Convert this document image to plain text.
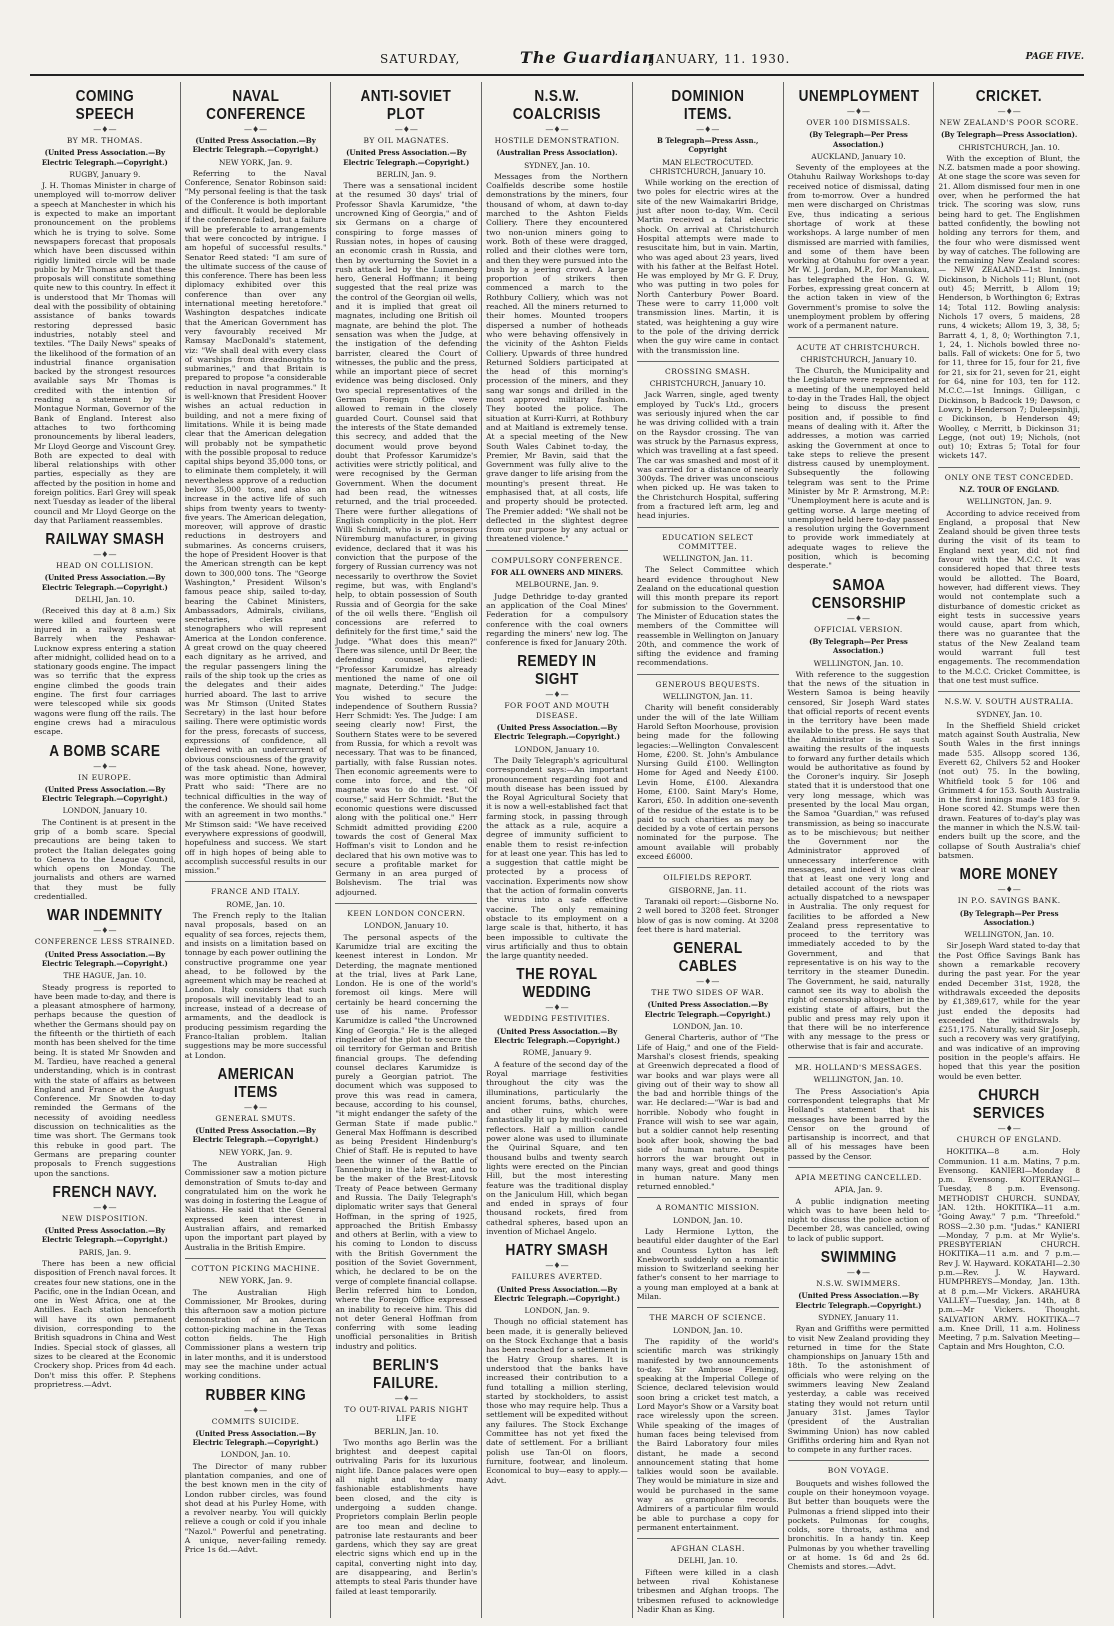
SATURDAY,	The Guardian
JANUARY, 11. 1930.	PAGE FIVE.
COMING SPEECH
—♦—
BY MR. THOMAS.
(United Press Association.—By Electric Telegraph.—Copyright.)
RUGBY, January 9.
J. H. Thomas Minister in charge of unemployed will to-morrow deliver a speech at Manchester in which his is expected to make an important pronouncement on the problems which he is trying to solve. Some newspapers forecast that proposals which have been discussed within rigidly limited circle will be made public by Mr Thomas and that these proposals will constitute something quite new to this country. In effect it is understood that Mr Thomas will deal with the possibility of obtaining assistance of banks towards restoring depressed basic industries, notably steel and textiles. "The Daily News" speaks of the likelihood of the formation of an industrial finance organisation backed by the strongest resources available says Mr Thomas is credited with the intention of reading a statement by Sir Montague Norman, Governor of the Bank of England. Interest also attaches to two forthcoming pronouncements by liberal leaders, Mr Lloyd George and Viscount Grey. Both are expected to deal with liberal relationships with other parties, especially as they are affected by the position in home and foreign politics. Earl Grey will speak next Tuesday as leader of the liberal council and Mr Lloyd George on the day that Parliament reassembles.
RAILWAY SMASH
—♦—
HEAD ON COLLISION.
(United Press Association.—By Electric Telegraph.—Copyright.)
DELHI, Jan. 10.
(Received this day at 8 a.m.) Six were killed and fourteen were injured in a railway smash at Barrely when the Peshawar-Lucknow express entering a station after midnight, collided head on to a stationary goods engine. The impact was so terrific that the express engine climbed the goods train engine. The first four carriages were telescoped while six goods wagons were flung off the rails. The engine crews had a miraculous escape.
A BOMB SCARE
—♦—
IN EUROPE.
(United Press Association.—By Electric Telegraph.—Copyright.)
LONDON, January 10.
The Continent is at present in the grip of a bomb scare. Special precautions are being taken to protect the Italian delegates going to Geneva to the League Council, which opens on Monday. The journalists and others are warned that they must be fully credentialled.
WAR INDEMNITY
—♦—
CONFERENCE LESS STRAINED.
(United Press Association.—By Electric Telegraph.—Copyright.)
THE HAGUE, Jan. 10.
Steady progress is reported to have been made to-day, and there is a pleasant atmosphere of harmony, perhaps because the question of whether the Germans should pay on the fifteenth or the thirtieth of each month has been shelved for the time being. It is stated Mr Snowden and M. Tardieu, have reached a general understanding, which is in contrast with the state of affairs as between England and France at the August Conference. Mr Snowden to-day reminded the Germans of the necessity of avoiding needless discussion on technicalities as the time was short. The Germans took this rebuke in good part. The Germans are preparing counter proposals to French suggestions upon the sanctions.
FRENCH NAVY.
—♦—
NEW DISPOSITION.
(United Press Association.—By Electric Telegraph.—Copyright.)
PARIS, Jan. 9.
There has been a new official disposition of French naval forces. It creates four new stations, one in the Pacific, one in the Indian Ocean, and one in West Africa, one at the Antilles. Each station henceforth will have its own permanent division, corresponding to the British squadrons in China and West Indies. Special stock of glasses, all sizes to be cleared at the Economic Crockery shop. Prices from 4d each. Don't miss this offer. P. Stephens proprietress.—Advt.
NAVAL CONFERENCE
—♦—
(United Press Association.—By Electric Telegraph.—Copyright.)
NEW YORK, Jan. 9.
Referring to the Naval Conference, Senator Robinson said: "My personal feeling is that the task of the Conference is both important and difficult. It would be deplorable if the conference failed, but a failure will be preferable to arrangements that were concocted by intrigue. I am hopeful of successful results." Senator Reed stated: "I am sure of the ultimate success of the cause of this conference. There has been less diplomacy exhibited over this conference than over any international meeting heretofore." Washington despatches indicate that the American Government has very favourably received Mr Ramsay MacDonald's statement, viz: "We shall deal with every class of warships from dreadnoughts to submarines," and that Britain is prepared to propose "a considerable reduction in naval programmes." It is well-known that President Hoover wishes an actual reduction in building, and not a mere fixing of limitations. While it is being made clear that the American delegation will probably not be sympathetic with the possible proposal to reduce capital ships beyond 35,000 tons, or to eliminate them completely, it will nevertheless approve of a reduction below 35,000 tons, and also an increase in the active life of such ships from twenty years to twenty-five years. The American delegation, moreover, will approve of drastic reductions in destroyers and submarines. As concerns cruisers, the hope of President Hoover is that the American strength can be kept down to 300,000 tons. The "George Washington," President Wilson's famous peace ship, sailed to-day, bearing the Cabinet Ministers, Ambassadors, Admirals, civilians, secretaries, clerks and stenographers who will represent America at the London conference. A great crowd on the quay cheered each dignitary as he arrived, and the regular passengers lining the rails of the ship took up the cries as the delegates and their aides hurried aboard. The last to arrive was Mr Stimson (United States Secretary) in the last hour before sailing. There were optimistic words for the press, forecasts of success, expressions of confidence, all delivered with an undercurrent of obvious consciousness of the gravity of the task ahead. None, however, was more optimistic than Admiral Pratt who said: "There are no technical difficulties in the way of the conference. We should sail home with an agreement in two months." Mr Stimson said: "We have received everywhere expressions of goodwill, hopefulness and success. We start off in high hopes of being able to accomplish successful results in our mission."
FRANCE AND ITALY.
ROME, Jan. 10.
The French reply to the Italian naval proposals, based on an equality of sea forces, rejects them, and insists on a limitation based on tonnage by each power outlining the constructive programme one year ahead, to be followed by the agreement which may be reached at London. Italy considers that such proposals will inevitably lead to an increase, instead of a decrease of armaments, and the deadlock is producing pessimism regarding the Franco-Italian problem. Italian suggestions may be more successful at London.
AMERICAN ITEMS
—♦—
GENERAL SMUTS.
(United Press Association.—By Electric Telegraph.—Copyright.)
NEW YORK, Jan. 9.
The Australian High Commissioner saw a motion picture demonstration of Smuts to-day and congratulated him on the work he was doing in fostering the League of Nations. He said that the General expressed keen interest in Australian affairs, and remarked upon the important part played by Australia in the British Empire.
COTTON PICKING MACHINE.
NEW YORK, Jan. 9.
The Australian High Commissioner, Mr Brookes, during this afternoon saw a motion picture demonstration of an American cotton-picking machine in the Texas cotton fields. The High Commissioner plans a western trip in later months, and it is understood may see the machine under actual working conditions.
RUBBER KING
—♦—
COMMITS SUICIDE.
(United Press Association.—By Electric Telegraph.—Copyright.)
LONDON, Jan. 10.
The Director of many rubber plantation companies, and one of the best known men in the city of London rubber circles, was found shot dead at his Purley Home, with a revolver nearby. You will quickly relieve a cough or cold if you inhale "Nazol." Powerful and penetrating. A unique, never-failing remedy. Price 1s 6d.—Advt.
ANTI-SOVIET PLOT
—♦—
BY OIL MAGNATES.
(United Press Association.—By Electric Telegraph.—Copyright.)
BERLIN, Jan. 9.
There was a sensational incident at the resumed 30 days' trial of Professor Shavla Karumidze, "the uncrowned King of Georgia," and of six Germans on a charge of conspiring to forge masses of Russian notes, in hopes of causing an economic crash in Russia, and then by overturning the Soviet in a rush attack led by the Lumenberg hero, General Hoffmann; it being suggested that the real prize was the control of the Georgian oil wells, and it is implied that great oil magnates, including one British oil magnate, are behind the plot. The sensation was when the Judge, at the instigation of the defending barrister, cleared the Court of witnesses, the public and the press, while an important piece of secret evidence was being disclosed. Only two special representatives of the German Foreign Office were allowed to remain in the closely guarded Court. Counsel said that the interests of the State demanded this secrecy, and added that the document would prove beyond doubt that Professor Karumidze's activities were strictly political, and were recognised by the German Government. When the document had been read, the witnesses returned, and the trial proceeded. There were further allegations of English complicity in the plot. Herr Willi Schmidt, who is a prosperous Nüremburg manufacturer, in giving evidence, declared that it was his conviction that the purpose of the forgery of Russian currency was not necessarily to overthrow the Soviet regime, but was, with England's help, to obtain possession of South Russia and of Georgia for the sake of the oil wells there. "English oil concessions are referred to definitely for the first time," said the Judge. "What does this mean?" There was silence, until Dr Beer, the defending counsel, replied: "Professor Karumidze has already mentioned the name of one oil magnate, Deterding." The Judge: You wished to secure the independence of Southern Russia? Herr Schmidt: Yes. The Judge: I am seeing clearly now! First, the Southern States were to be severed from Russia, for which a revolt was necessary. That was to be financed, partially, with false Russian notes. Then economic agreements were to come into force, and the oil magnate was to do the rest. "Of course," said Herr Schmidt. "But the economic questions were discussed along with the political one." Herr Schmidt admitted providing £200 towards the cost of General Max Hoffman's visit to London and he declared that his own motive was to secure a profitable market for Germany in an area purged of Bolshevism. The trial was adjourned.
KEEN LONDON CONCERN.
LONDON, January 10.
The personal aspects of the Karumidze trial are exciting the keenest interest in London. Mr Deterding, the magnate mentioned at the trial, lives at Park Lane, London. He is one of the world's foremost oil kings. Mere will certainly be heard concerning the use of his name. Professor Karumidze is called "the Uncrowned King of Georgia." He is the alleged ringleader of the plot to secure the oil territory for German and British financial groups. The defending counsel declares Karumidze is purely a Georgian patriot. The document which was supposed to prove this was read in camera, because, according to his counsel, "it might endanger the safety of the German State if made public." General Max Hoffmann is described as being President Hindenburg's Chief of Staff. He is reputed to have been the winner of the Battle of Tannenburg in the late war, and to be the maker of the Brest-Litovsk Treaty of Peace between Germany and Russia. The Daily Telegraph's diplomatic writer says that General Hoffman, in the spring of 1925, approached the British Embassy and others at Berlin, with a view to his coming to London to discuss with the British Government the position of the Soviet Government, which, he declared to be on the verge of complete financial collapse. Berlin referred him to London, where the Foreign Office expressed an inability to receive him. This did not deter General Hoffman from conferring with some leading unofficial personalities in British industry and politics.
BERLIN'S FAILURE.
—♦—
TO OUT-RIVAL PARIS NIGHT LIFE
BERLIN, Jan. 10.
Two months ago Berlin was the brightest and deepest capital outrivaling Paris for its luxurious night life. Dance palaces were open all night and to-day many fashionable establishments have been closed, and the city is undergoing a sudden change. Proprietors complain Berlin people are too mean and decline to patronise late restaurants and beer gardens, which they say are great electric signs which end up in the capital, converting night into day, are disappearing, and Berlin's attempts to steal Paris thunder have failed at least temporarily.
N.S.W. COALCRISIS
—♦—
HOSTILE DEMONSTRATION.
(Australian Press Association).
SYDNEY, Jan. 10.
Messages from the Northern Coalfields describe some hostile demonstrations by the miners, four thousand of whom, at dawn to-day marched to the Ashton Fields Colliery. There they encountered two non-union miners going to work. Both of these were dragged, rolled and their clothes were torn, and then they were pursued into the bush by a jeering crowd. A large proportion of strikers then commenced a march to the Rothbury Colliery, which was not reached. All the miners returned to their homes. Mounted troopers dispersed a number of hotheads who were behaving offensively in the vicinity of the Ashton Fields Colliery. Upwards of three hundred Returned Soldiers participated at the head of this morning's procession of the miners, and they sang war songs and drilled in the most approved military fashion. They booted the police. The situation at Kurri-Kurri, at Rothbury and at Maitland is extremely tense. At a special meeting of the New South Wales Cabinet to-day, the Premier, Mr Bavin, said that the Government was fully alive to the grave danger to life arising from the mounting's present threat. He emphasised that, at all costs, life and property should be protected. The Premier added: "We shall not be deflected in the slightest degree from our purpose by any actual or threatened violence."
COMPULSORY CONFERENCE.
FOR ALL OWNERS AND MINERS.
MELBOURNE, Jan. 9.
Judge Dethridge to-day granted an application of the Coal Mines' Federation for a compulsory conference with the coal owners regarding the miners' new log. The conference is fixed for January 20th.
REMEDY IN SIGHT
—♦—
FOR FOOT AND MOUTH DISEASE.
(United Press Association.—By Electric Telegraph.—Copyright.)
LONDON, January 10.
The Daily Telegraph's agricultural correspondent says:—An important pronouncement regarding foot and mouth disease has been issued by the Royal Agricultural Society that it is now a well-established fact that farming stock, in passing through the attack as a rule, acquire a degree of immunity sufficient to enable them to resist re-infection for at least one year. This has led to a suggestion that cattle might be protected by a process of vaccination. Experiments now show that the action of formalin converts the virus into a safe effective vaccine. The only remaining obstacle to its employment on a large scale is that, hitherto, it has been impossible to cultivate the virus artificially and thus to obtain the large quantity needed.
THE ROYAL WEDDING
—♦—
WEDDING FESTIVITIES.
(United Press Association.—By Electric Telegraph.—Copyright.)
ROME, January 9.
A feature of the second day of the Royal marriage festivities throughout the city was the illuminations, particularly the ancient forums, baths, churches, and other ruins, which were fantastically lit up by multi-coloured reflectors. Half a million candle power alone was used to illuminate the Quirinal Square, and ten thousand bulbs and twenty search lights were erected on the Pincian Hill, but the most interesting feature was the traditional display on the Janiculum Hill, which began and ended in sprays of four thousand rockets, fired from cathedral spheres, based upon an invention of Michael Angelo.
HATRY SMASH
—♦—
FAILURES AVERTED.
(United Press Association.—By Electric Telegraph.—Copyright.)
LONDON, Jan. 9.
Though no official statement has been made, it is generally believed on the Stock Exchange that a basis has been reached for a settlement in the Hatry Group shares. It is understood that the banks have increased their contribution to a fund totalling a million sterling, started by stockholders, to assist those who may require help. Thus a settlement will be expedited without any failures. The Stock Exchange Committee has not yet fixed the date of settlement. For a brilliant polish use Tan-Ol on floors, furniture, footwear, and linoleum. Economical to buy—easy to apply.—Advt.
DOMINION ITEMS.
—♦—
B Telegraph—Press Assn., Copyright
MAN ELECTROCUTED. CHRISTCHURCH, January 10.
While working on the erection of two poles for electric wires at the site of the new Waimakariri Bridge, just after noon to-day, Wm. Cecil Martin received a fatal electric shock. On arrival at Christchurch Hospital attempts were made to resuscitate him, but in vain. Martin, who was aged about 23 years, lived with his father at the Belfast Hotel. He was employed by Mr G. F. Druy, who was putting in two poles for North Canterbury Power Board. These were to carry 11,000 volt transmission lines. Martin, it is stated, was heightening a guy wire to the pole of the driving derrick when the guy wire came in contact with the transmission line.
CROSSING SMASH.
CHRISTCHURCH, January 10.
Jack Warren, single, aged twenty employed by Tuck's Ltd., grocers was seriously injured when the car he was driving collided with a train on the Raysdor crossing. The van was struck by the Parnasus express, which was travelling at a fast speed. The car was smashed and most of it was carried for a distance of nearly 300yds. The driver was unconscious when picked up. He was taken to the Christchurch Hospital, suffering from a fractured left arm, leg and head injuries.
EDUCATION SELECT COMMITTEE.
WELLINGTON, Jan. 11.
The Select Committee which heard evidence throughout New Zealand on the educational question will this month prepare its report for submission to the Government. The Minister of Education states the members of the Committee will reassemble in Wellington on January 20th, and commence the work of sifting the evidence and framing recommendations.
GENEROUS BEQUESTS.
WELLINGTON, Jan. 11.
Charity will benefit considerably under the will of the late William Harold Sefton Moorhouse, provision being made for the following legacies:—Wellington Convalescent Home, £200. St. John's Ambulance Nursing Guild £100. Wellington Home for Aged and Needy £100. Levin Home, £100. Alexandra Home, £100. Saint Mary's Home, Karori, £50. In addition one-seventh of the residue of the estate is to be paid to such charities as may be decided by a vote of certain persons nominated for the purpose. The amount available will probably exceed £6000.
OILFIELDS REPORT.
GISBORNE, Jan. 11.
Taranaki oil report:—Gisborne No. 2 well bored to 3208 feet. Stronger blow of gas is now coming. At 3208 feet there is hard material.
GENERAL CABLES
—♦—
THE TWO SIDES OF WAR.
(United Press Association.—By Electric Telegraph.—Copyright.)
LONDON, Jan. 10.
General Charteris, author of "The Life of Haig," and one of the Field-Marshal's closest friends, speaking at Greenwich deprecated a flood of war books and war plays were all giving out of their way to show all the bad and horrible things of the war. He declared:—"War is bad and horrible. Nobody who fought in France will wish to see war again, but a soldier cannot help resenting book after book, showing the bad side of human nature. Despite horrors the war brought out in many ways, great and good things in human nature. Many men returned ennobled."
A ROMANTIC MISSION.
LONDON, Jan. 10.
Lady Hermione Lytton, the beautiful elder daughter of the Earl and Countess Lytton has left Knebworth suddenly on a romantic mission to Switzerland seeking her father's consent to her marriage to a young man employed at a bank at Milan.
THE MARCH OF SCIENCE.
LONDON, Jan. 10.
The rapidity of the world's scientific march was strikingly manifested by two announcements to-day. Sir Ambrose Fleming, speaking at the Imperial College of Science, declared television would soon bring a cricket test match, a Lord Mayor's Show or a Varsity boat race wirelessly upon the screen. While speaking of the images of human faces being televised from the Baird Laboratory four miles distant, he made a second announcement stating that home talkies would soon be available. They would be miniature in size and would be purchased in the same way as gramophone records. Admirers of a particular film would be able to purchase a copy for permanent entertainment.
AFGHAN CLASH.
DELHI, Jan. 10.
Fifteen were killed in a clash between rival Kohistanese tribesmen and Afghan troops. The tribesmen refused to acknowledge Nadir Khan as King.
UNEMPLOYMENT
—♦—
OVER 100 DISMISSALS.
(By Telegraph—Per Press Association.)
AUCKLAND, January 10.
Seventy of the employees at the Otahuhu Railway Workshops to-day received notice of dismissal, dating from to-morrow. Over a hundred men were discharged on Christmas Eve, thus indicating a serious shortage of work at these workshops. A large number of men dismissed are married with families, and some of them have been working at Otahuhu for over a year. Mr W. J. Jordan, M.P., for Manukau, has telegraphed the Hon. G. W. Forbes, expressing great concern at the action taken in view of the Government's promise to solve the unemployment problem by offering work of a permanent nature.
ACUTE AT CHRISTCHURCH.
CHRISTCHURCH, January 10.
The Church, the Municipality and the Legislature were represented at a meeting of the unemployed held to-day in the Trades Hall, the object being to discuss the present position and, if possible to find means of dealing with it. After the addresses, a motion was carried asking the Government at once to take steps to relieve the present distress caused by unemployment. Subsequently the following telegram was sent to the Prime Minister by Mr P. Armstrong, M.P.: "Unemployment here is acute and is getting worse. A large meeting of unemployed held here to-day passed a resolution urging the Government to provide work immediately at adequate wages to relieve the position, which is becoming desperate."
SAMOA CENSORSHIP
—♦—
OFFICIAL VERSION.
(By Telegraph—Per Press Association.)
WELLINGTON, Jan. 10.
With reference to the suggestion that the news of the situation in Western Samoa is being heavily censored, Sir Joseph Ward states that official reports of recent events in the territory have been made available to the press. He says that the Administrator is at such awaiting the results of the inquests to forward any further details which would be authoritative as found by the Coroner's inquiry. Sir Joseph stated that it is understood that one very long message, which was presented by the local Mau organ, the Samoa "Guardian," was refused transmission, as being so inaccurate as to be mischievous; but neither the Government nor the Administrator approved of unnecessary interference with messages, and indeed it was clear that at least one very long and detailed account of the riots was actually dispatched to a newspaper in Australia. The only request for facilities to be afforded a New Zealand press representative to proceed to the territory was immediately acceded to by the Government, and that representative is on his way to the territory in the steamer Dunedin. The Government, he said, naturally cannot see its way to abolish the right of censorship altogether in the existing state of affairs, but the public and press may rely upon it that there will be no interference with any message to the press or otherwise that is fair and accurate.
MR. HOLLAND'S MESSAGES.
WELLINGTON, Jan. 10.
The Press Association's Apia correspondent telegraphs that Mr Holland's statement that his messages have been barred by the Censor on the ground of partisanship is incorrect, and that all of his messages have been passed by the Censor.
APIA MEETING CANCELLED.
APIA, Jan. 9.
A public indignation meeting which was to have been held to-night to discuss the police action of December 28, was cancelled, owing to lack of public support.
SWIMMING
—♦—
N.S.W. SWIMMERS.
(United Press Association.—By Electric Telegraph.—Copyright.)
SYDNEY, January 11.
Ryan and Griffiths were permitted to visit New Zealand providing they returned in time for the State championships on January 15th and 18th. To the astonishment of officials who were relying on the swimmers leaving New Zealand yesterday, a cable was received stating they would not return until January 31st. James Taylor (president of the Australian Swimming Union) has now cabled Griffiths ordering him and Ryan not to compete in any further races.
BON VOYAGE.
Bouquets and wishes followed the couple on their honeymoon voyage. But better than bouquets were the Pulmonas a friend slipped into their pockets. Pulmonas for coughs, colds, sore throats, asthma and bronchitis. In a handy tin. Keep Pulmonas by you whether travelling or at home. 1s 6d and 2s 6d. Chemists and stores.—Advt.
CRICKET.
—♦—
NEW ZEALAND'S POOR SCORE.
(By Telegraph—Press Association).
CHRISTCHURCH, Jan. 10.
With the exception of Blunt, the N.Z. batsmen made a poor showing. At one stage the score was seven for 21. Allom dismissed four men in one over, when he performed the hat trick. The scoring was slow, runs being hard to get. The Englishmen batted confidently, the bowling not holding any terrors for them, and the four who were dismissed went by way of catches. The following are the remaining New Zealand scores:— NEW ZEALAND—1st Innings. Dickinson, b Nichols 11; Blunt, (not out) 45; Merritt, b Allom 19; Henderson, b Worthington 6; Extras 14; Total 112. Bowling analysis: Nichols 17 overs, 5 maidens, 28 runs, 4 wickets; Allom 19, 3, 38, 5; Barratt 4, 1, 8, 0; Worthington 7.1, 1, 24, 1. Nichols bowled three no-balls. Fall of wickets: One for 5, two for 11, three for 15, four for 21, five for 21, six for 21, seven for 21, eight for 64, nine for 103, ten for 112. M.C.C.—1st Innings. Gilligan, c Dickinson, b Badcock 19; Dawson, c Lowry, b Henderson 7; Duleepsinhji, c Dickinson, b Henderson 49; Woolley, c Merritt, b Dickinson 31; Legge, (not out) 19; Nichols, (not out) 10; Extras 5; Total for four wickets 147.
ONLY ONE TEST CONCEDED.
N.Z. TOUR OF ENGLAND.
WELLINGTON, Jan. 9.
According to advice received from England, a proposal that New Zealand should be given three tests during the visit of its team to England next year, did not find favour with the M.C.C. It was considered hoped that three tests would be allotted. The Board, however, had different views. They would not contemplate such a disturbance of domestic cricket as eight tests in successive years would cause, apart from which, there was no guarantee that the status of the New Zealand team would warrant full test engagements. The recommendation to the M.C.C. Cricket Committee, is that one test must suffice.
N.S.W. V. SOUTH AUSTRALIA.
SYDNEY, Jan. 10.
In the Sheffield Shield cricket match against South Australia, New South Wales in the first innings made 535. Allsopp scored 136, Everett 62, Chilvers 52 and Hooker (not out) 75. In the bowling, Whitfield took 5 for 106 and Grimmett 4 for 153. South Australia in the first innings made 183 for 9. Hone scored 42. Stumps were then drawn. Features of to-day's play was the manner in which the N.S.W. tail-enders built up the score, and the collapse of South Australia's chief batsmen.
MORE MONEY
—♦—
IN P.O. SAVINGS BANK.
(By Telegraph—Per Press Association.)
WELLINGTON, Jan. 10.
Sir Joseph Ward stated to-day that the Post Office Savings Bank has shown a remarkable recovery during the past year. For the year ended December 31st, 1928, the withdrawals exceeded the deposits by £1,389,617, while for the year just ended the deposits had exceeded the withdrawals by £251,175. Naturally, said Sir Joseph, such a recovery was very gratifying, and was indicative of an improving position in the people's affairs. He hoped that this year the position would be even better.
CHURCH SERVICES
—♦—
CHURCH OF ENGLAND.
HOKITIKA—8 a.m. Holy Communion. 11 a.m. Matins, 7 p.m. Evensong. KANIERI—Monday 8 p.m. Evensong. KOITERANGI—Tuesday, 8 p.m. Evensong. METHODIST CHURCH. SUNDAY, JAN. 12th. HOKITIKA—11 a.m. "Going Away." 7 p.m. "Threefold." ROSS—2.30 p.m. "Judas." KANIERI—Monday, 7 p.m. at Mr Wylie's. PRESBYTERIAN CHURCH. HOKITIKA—11 a.m. and 7 p.m.—Rev J. W. Hayward. KOKATAHI—2.30 p.m.—Rev. J. W. Hayward. HUMPHREYS—Monday, Jan. 13th. at 8 p.m.—Mr Vickers. ARAHURA VALLEY—Tuesday, Jan. 14th, at 8 p.m.—Mr Vickers. Thought. SALVATION ARMY. HOKITIKA—7 a.m. Knee Drill, 11 a.m. Holiness Meeting, 7 p.m. Salvation Meeting—Captain and Mrs Houghton, C.O.
